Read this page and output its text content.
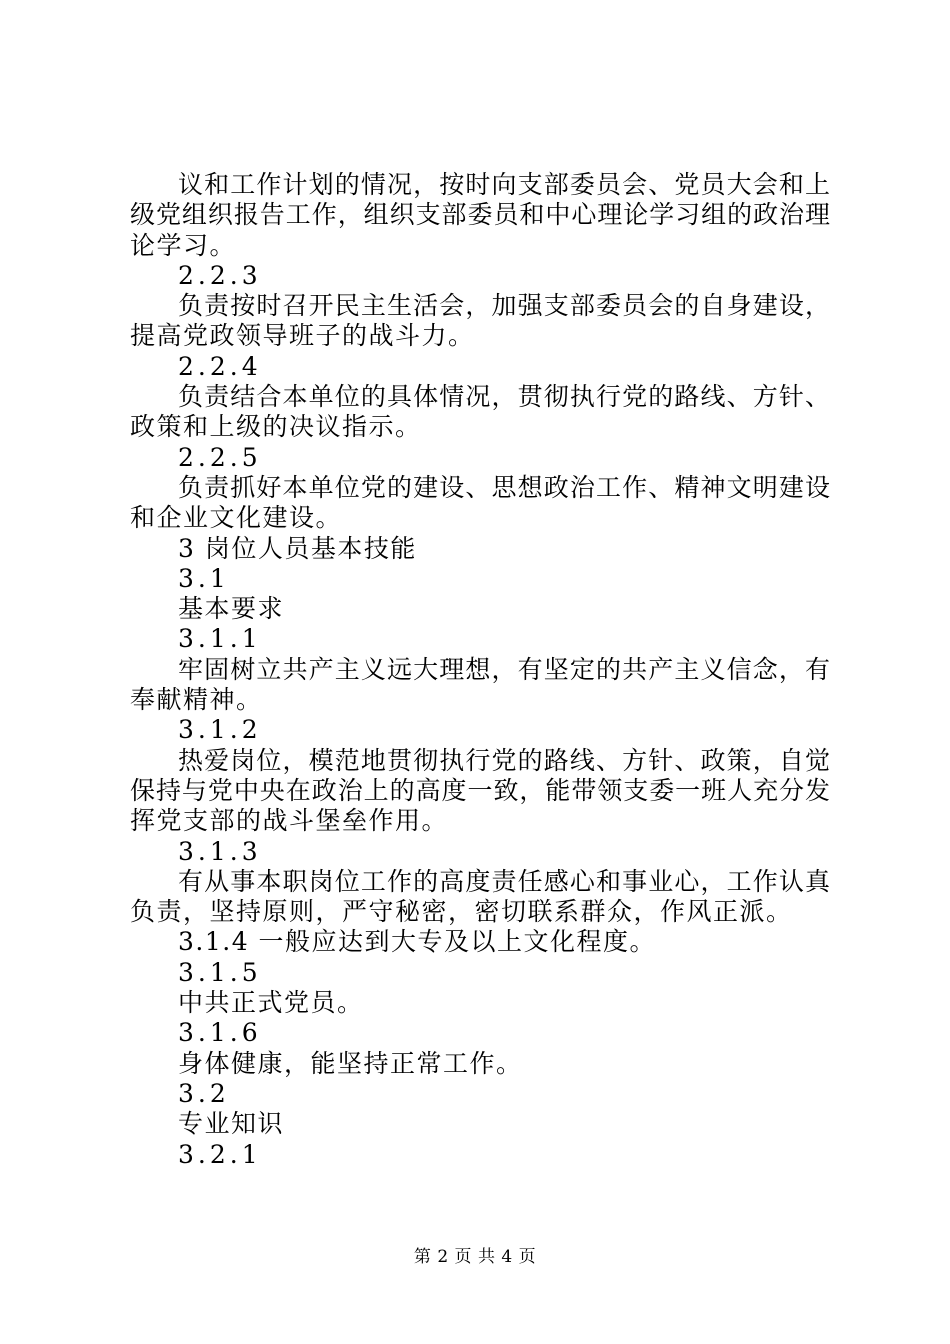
议和工作计划的情况，按时向支部委员会、党员大会和上
级党组织报告工作，组织支部委员和中心理论学习组的政治理
论学习。
2.2.3
负责按时召开民主生活会，加强支部委员会的自身建设，
提高党政领导班子的战斗力。
2.2.4
负责结合本单位的具体情况，贯彻执行党的路线、方针、
政策和上级的决议指示。
2.2.5
负责抓好本单位党的建设、思想政治工作、精神文明建设
和企业文化建设。
3 岗位人员基本技能
3.1
基本要求
3.1.1
牢固树立共产主义远大理想，有坚定的共产主义信念，有
奉献精神。
3.1.2
热爱岗位，模范地贯彻执行党的路线、方针、政策，自觉
保持与党中央在政治上的高度一致，能带领支委一班人充分发
挥党支部的战斗堡垒作用。
3.1.3
有从事本职岗位工作的高度责任感心和事业心，工作认真
负责，坚持原则，严守秘密，密切联系群众，作风正派。
3.1.4 一般应达到大专及以上文化程度。
3.1.5
中共正式党员。
3.1.6
身体健康，能坚持正常工作。
3.2
专业知识
3.2.1
第 2 页 共 4 页
